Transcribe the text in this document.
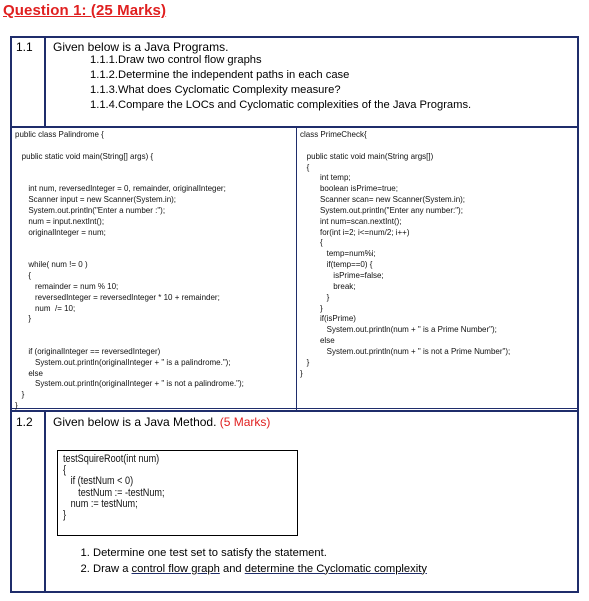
Question 1: (25 Marks)
1.1 Given below is a Java Programs.
1.1.1.Draw two control flow graphs
1.1.2.Determine the independent paths in each case
1.1.3.What does Cyclomatic Complexity measure?
1.1.4.Compare the LOCs and Cyclomatic complexities of the Java Programs.
public class Palindrome {

public static void main(String[] args) {

int num, reversedInteger = 0, remainder, originalInteger;
Scanner input = new Scanner(System.in);
System.out.println("Enter a number :");
num = input.nextInt();
originalInteger = num;

while( num != 0 )
{
remainder = num % 10;
reversedInteger = reversedInteger * 10 + remainder;
num  /= 10;
}

if (originalInteger == reversedInteger)
System.out.println(originalInteger + " is a palindrome.");
else
System.out.println(originalInteger + " is not a palindrome.");
}
}
class PrimeCheck{

public static void main(String args[])
{
int temp;
boolean isPrime=true;
Scanner scan= new Scanner(System.in);
System.out.println("Enter any number:");
int num=scan.nextInt();
for(int i=2; i<=num/2; i++)
{
temp=num%i;
if(temp==0) {
isPrime=false;
break;
}
}
if(isPrime)
System.out.println(num + " is a Prime Number");
else
System.out.println(num + " is not a Prime Number");
}
}
1.2 Given below is a Java Method. (5 Marks)
testSquireRoot(int num)
{
if (testNum < 0)
testNum := -testNum;
num := testNum;
}
1. Determine one test set to satisfy the statement.
2. Draw a control flow graph and determine the Cyclomatic complexity
